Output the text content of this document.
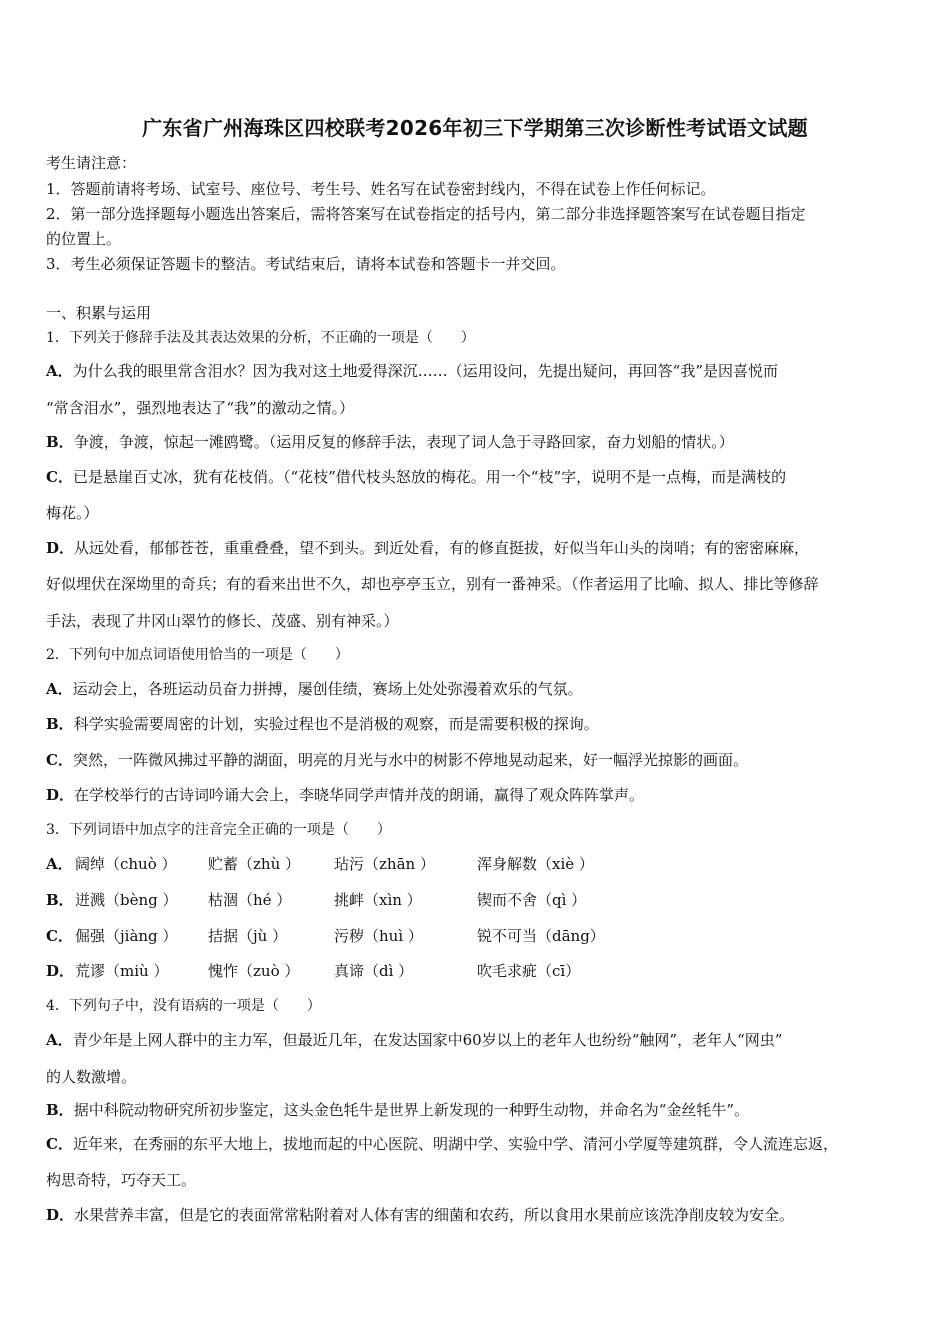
广东省广州海珠区四校联考2026年初三下学期第三次诊断性考试语文试题
考生请注意：
1．答题前请将考场、试室号、座位号、考生号、姓名写在试卷密封线内，不得在试卷上作任何标记。
2．第一部分选择题每小题选出答案后，需将答案写在试卷指定的括号内，第二部分非选择题答案写在试卷题目指定
的位置上。
3．考生必须保证答题卡的整洁。考试结束后，请将本试卷和答题卡一并交回。
一、积累与运用
1．下列关于修辞手法及其表达效果的分析，不正确的一项是（　　）
A．为什么我的眼里常含泪水？因为我对这土地爱得深沉……（运用设问，先提出疑问，再回答“我”是因喜悦而
“常含泪水”，强烈地表达了“我”的激动之情。）
B．争渡，争渡，惊起一滩鸥鹭。（运用反复的修辞手法，表现了词人急于寻路回家，奋力划船的情状。）
C．已是悬崖百丈冰，犹有花枝俏。（“花枝”借代枝头怒放的梅花。用一个“枝”字，说明不是一点梅，而是满枝的
梅花。）
D．从远处看，郁郁苍苍，重重叠叠，望不到头。到近处看，有的修直挺拔，好似当年山头的岗哨；有的密密麻麻，
好似埋伏在深坳里的奇兵；有的看来出世不久，却也亭亭玉立，别有一番神采。（作者运用了比喻、拟人、排比等修辞
手法，表现了井冈山翠竹的修长、茂盛、别有神采。）
2．下列句中加点词语使用恰当的一项是（　　）
A．运动会上，各班运动员奋力拼搏，屡创佳绩，赛场上处处弥漫着欢乐的气氛。
B．科学实验需要周密的计划，实验过程也不是消极的观察，而是需要积极的探询。
C．突然，一阵微风拂过平静的湖面，明亮的月光与水中的树影不停地晃动起来，好一幅浮光掠影的画面。
D．在学校举行的古诗词吟诵大会上，李晓华同学声情并茂的朗诵，赢得了观众阵阵掌声。
3．下列词语中加点字的注音完全正确的一项是（　　）
A． 阔绰（chuò ） 贮蓄（zhù ） 玷污（zhān ）	浑身解数（xiè ）
B． 迸溅（bèng ） 枯涸（hé ）	挑衅（xìn ）	锲而不舍（qì ）
C． 倔强（jiàng ） 拮据（jù ）	污秽（huì ）	锐不可当（dāng）
D． 荒谬（miù ）	愧怍（zuò ） 真谛（dì ）	吹毛求疵（cī）
4．下列句子中，没有语病的一项是（　　）
A．青少年是上网人群中的主力军，但最近几年，在发达国家中60岁以上的老年人也纷纷“触网”，老年人“网虫”
的人数激增。
B．据中科院动物研究所初步鉴定，这头金色牦牛是世界上新发现的一种野生动物，并命名为“金丝牦牛”。
C．近年来，在秀丽的东平大地上，拔地而起的中心医院、明湖中学、实验中学、清河小学厦等建筑群，令人流连忘返，
构思奇特，巧夺天工。
D．水果营养丰富，但是它的表面常常粘附着对人体有害的细菌和农药，所以食用水果前应该洗净削皮较为安全。
